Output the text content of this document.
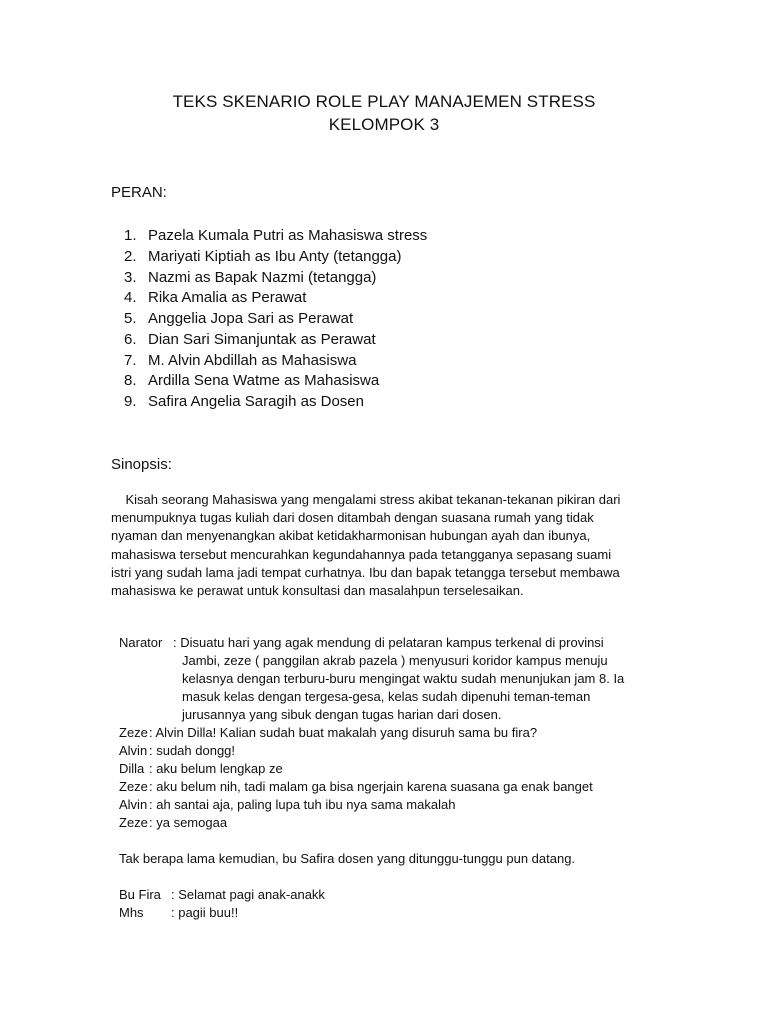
TEKS SKENARIO ROLE PLAY MANAJEMEN STRESS
KELOMPOK 3
PERAN:
1. Pazela Kumala Putri as Mahasiswa stress
2. Mariyati Kiptiah as Ibu Anty (tetangga)
3. Nazmi as Bapak Nazmi (tetangga)
4. Rika Amalia as Perawat
5. Anggelia Jopa Sari as Perawat
6. Dian Sari Simanjuntak as Perawat
7. M. Alvin Abdillah as Mahasiswa
8. Ardilla Sena Watme as Mahasiswa
9. Safira Angelia Saragih as Dosen
Sinopsis:
Kisah seorang Mahasiswa yang mengalami stress akibat tekanan-tekanan pikiran dari
menumpuknya tugas kuliah dari dosen ditambah dengan suasana rumah yang tidak
nyaman dan menyenangkan akibat ketidakharmonisan hubungan ayah dan ibunya,
mahasiswa tersebut mencurahkan kegundahannya pada tetangganya sepasang suami
istri yang sudah lama jadi tempat curhatnya. Ibu dan bapak tetangga tersebut membawa
mahasiswa ke perawat untuk konsultasi dan masalahpun terselesaikan.
Narator : Disuatu hari yang agak mendung di pelataran kampus terkenal di provinsi
Jambi, zeze ( panggilan akrab pazela ) menyusuri koridor kampus menuju
kelasnya dengan terburu-buru mengingat waktu sudah menunjukan jam 8. Ia
masuk kelas dengan tergesa-gesa, kelas sudah dipenuhi teman-teman
jurusannya yang sibuk dengan tugas harian dari dosen.
Zeze : Alvin Dilla! Kalian sudah buat makalah yang disuruh sama bu fira?
Alvin : sudah dongg!
Dilla : aku belum lengkap ze
Zeze : aku belum nih, tadi malam ga bisa ngerjain karena suasana ga enak banget
Alvin : ah santai aja, paling lupa tuh ibu nya sama makalah
Zeze : ya semogaa
Tak berapa lama kemudian, bu Safira dosen yang ditunggu-tunggu pun datang.
Bu Fira : Selamat pagi anak-anakk
Mhs	: pagii buu!!
